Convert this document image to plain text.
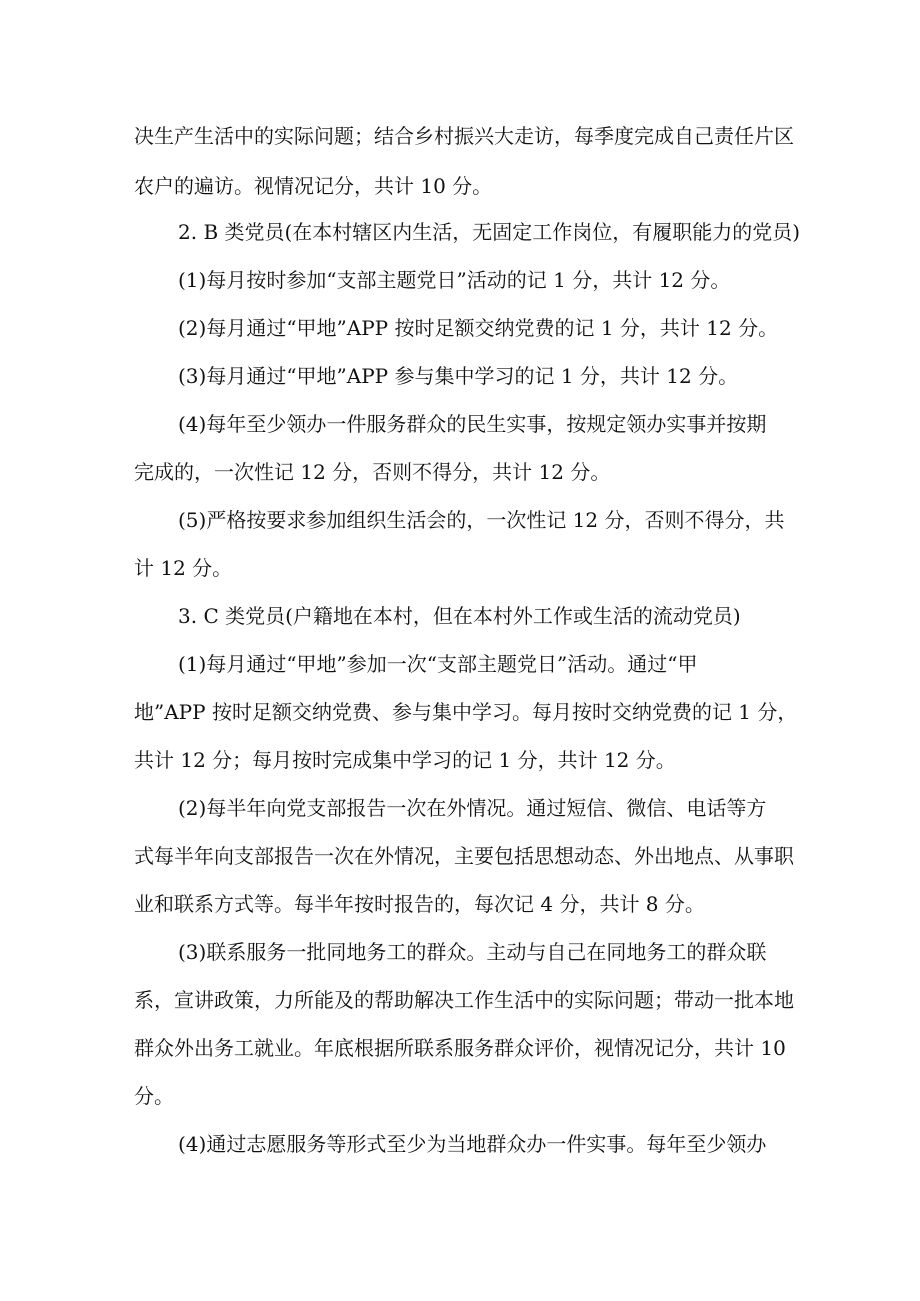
决生产生活中的实际问题；结合乡村振兴大走访，每季度完成自己责任片区
农户的遍访。视情况记分，共计 10 分。
2. B 类党员(在本村辖区内生活，无固定工作岗位，有履职能力的党员)
(1)每月按时参加“支部主题党日”活动的记 1 分，共计 12 分。
(2)每月通过“甲地”APP 按时足额交纳党费的记 1 分，共计 12 分。
(3)每月通过“甲地”APP 参与集中学习的记 1 分，共计 12 分。
(4)每年至少领办一件服务群众的民生实事，按规定领办实事并按期
完成的，一次性记 12 分，否则不得分，共计 12 分。
(5)严格按要求参加组织生活会的，一次性记 12 分，否则不得分，共
计 12 分。
3. C 类党员(户籍地在本村，但在本村外工作或生活的流动党员)
(1)每月通过“甲地”参加一次“支部主题党日”活动。通过“甲
地”APP 按时足额交纳党费、参与集中学习。每月按时交纳党费的记 1 分，
共计 12 分；每月按时完成集中学习的记 1 分，共计 12 分。
(2)每半年向党支部报告一次在外情况。通过短信、微信、电话等方
式每半年向支部报告一次在外情况，主要包括思想动态、外出地点、从事职
业和联系方式等。每半年按时报告的，每次记 4 分，共计 8 分。
(3)联系服务一批同地务工的群众。主动与自己在同地务工的群众联
系，宣讲政策，力所能及的帮助解决工作生活中的实际问题；带动一批本地
群众外出务工就业。年底根据所联系服务群众评价，视情况记分，共计 10
分。
(4)通过志愿服务等形式至少为当地群众办一件实事。每年至少领办
